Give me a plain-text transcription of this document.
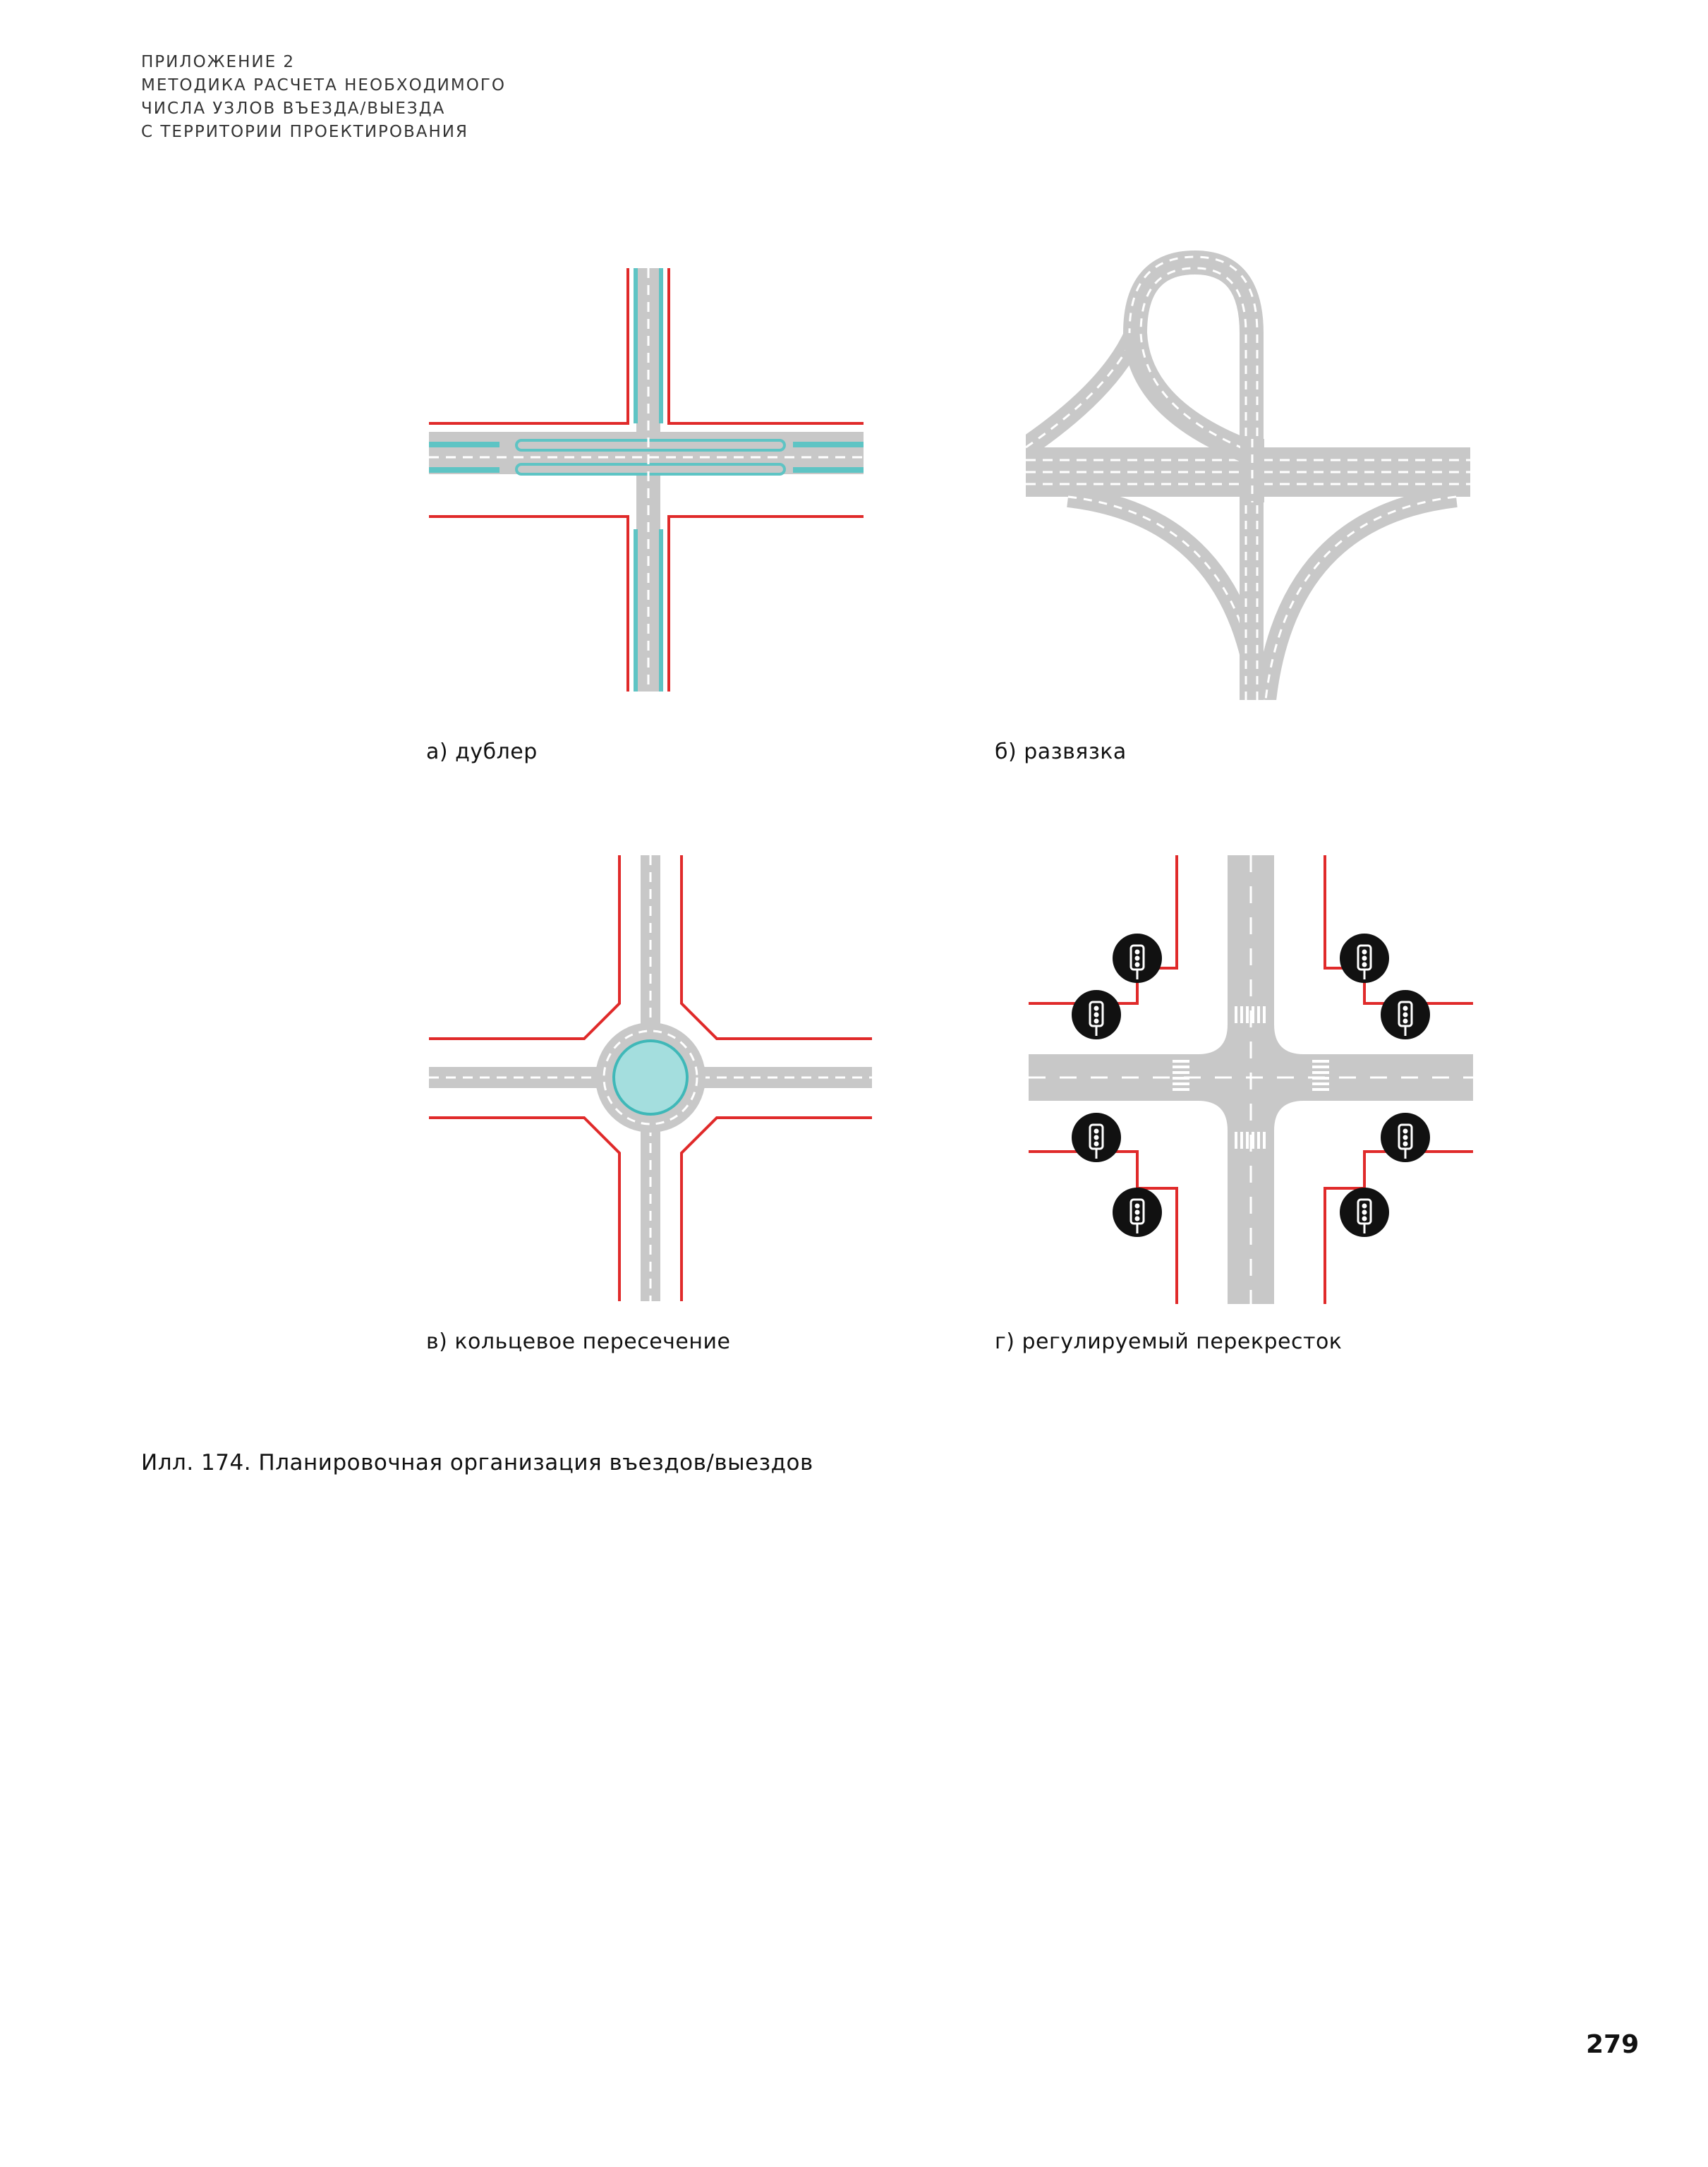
ПРИЛОЖЕНИЕ 2
МЕТОДИКА РАСЧЕТА НЕОБХОДИМОГО
ЧИСЛА УЗЛОВ ВЪЕЗДА/ВЫЕЗДА
С ТЕРРИТОРИИ ПРОЕКТИРОВАНИЯ
а) дублер	б) развязка
в) кольцевое пересечение	г) регулируемый перекресток
Илл. 174. Планировочная организация въездов/выездов
279
